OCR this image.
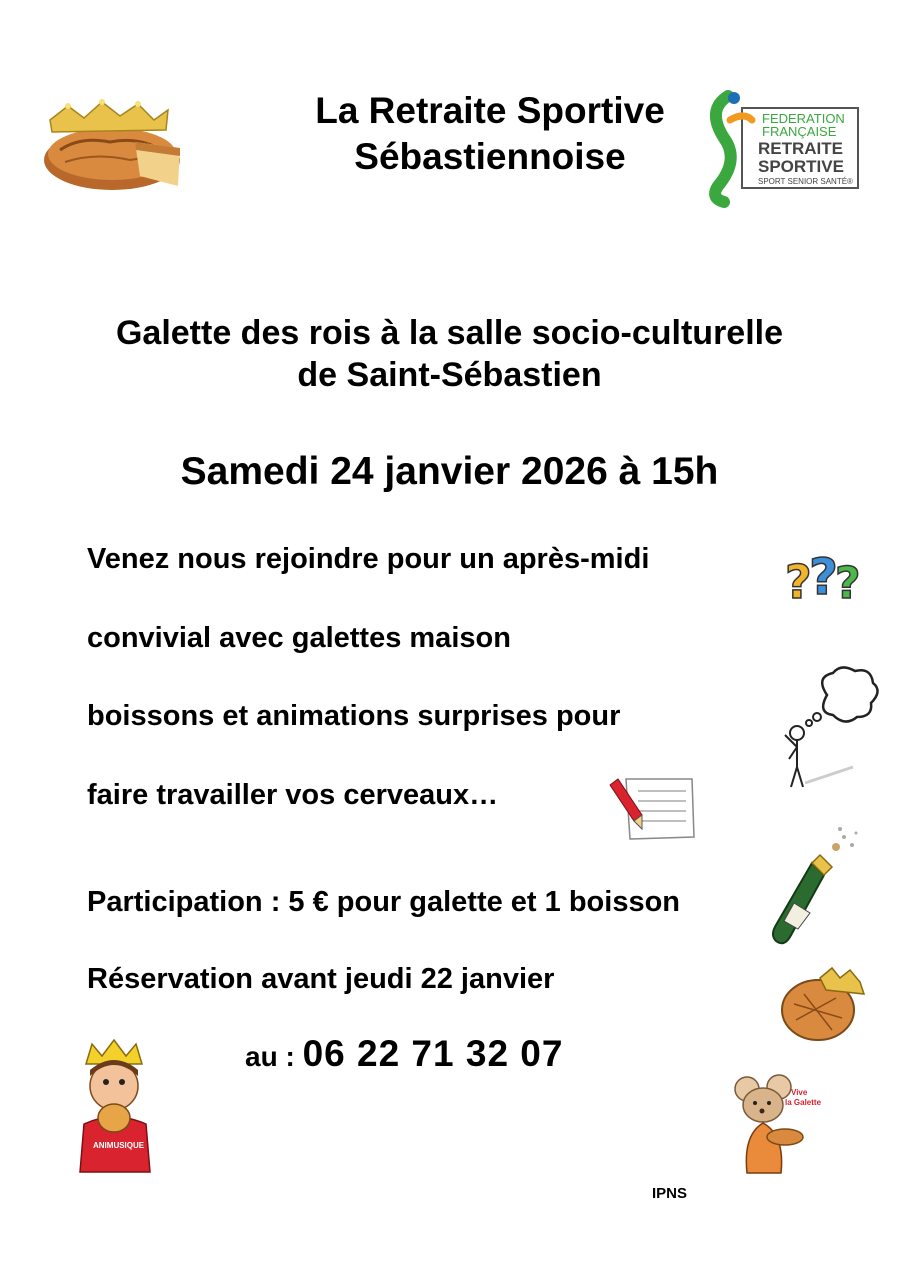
La Retraite Sportive
Sébastiennoise
FEDERATION
FRANÇAISE
RETRAITE
SPORTIVE
SPORT SENIOR SANTÉ®
Galette des rois à la salle socio-culturelle
de Saint-Sébastien
Samedi 24 janvier 2026 à 15h
Venez nous rejoindre pour un après-midi
convivial avec galettes maison
boissons et animations surprises pour
faire travailler vos cerveaux…
Participation : 5 € pour galette et 1 boisson
Réservation avant jeudi 22 janvier
au : 06 22 71 32 07
?
?
?
ANIMUSIQUE
Vive
la Galette
IPNS
